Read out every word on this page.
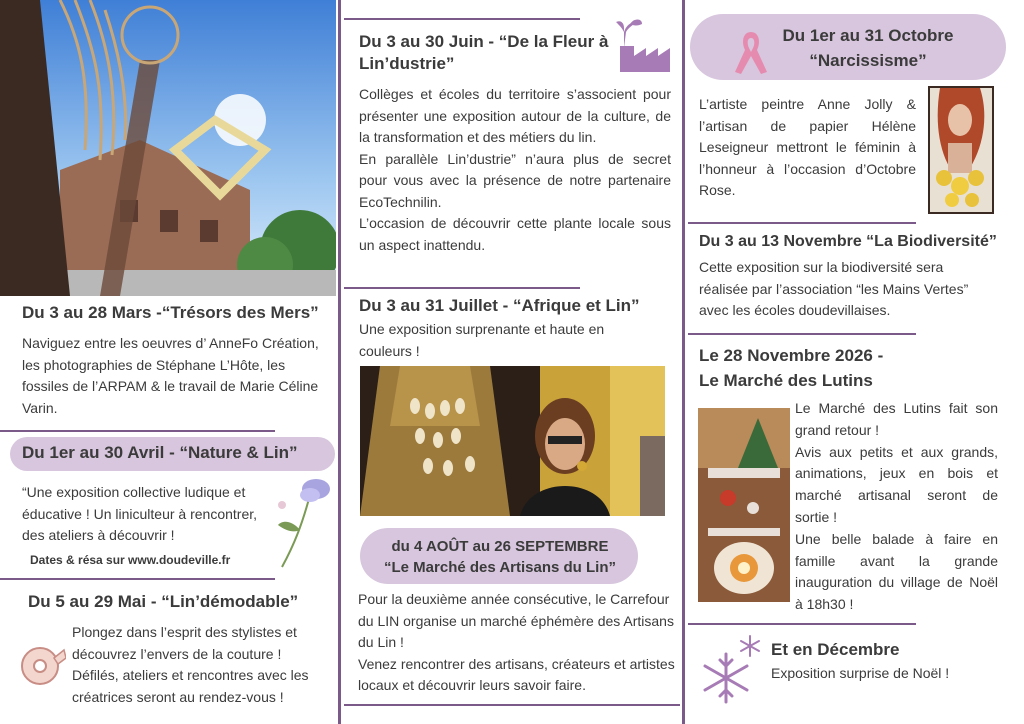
Du 3 au 28 Mars -“Trésors des Mers”
Naviguez entre les oeuvres d’ AnneFo Création, les photographies de Stéphane L’Hôte, les fossiles de l’ARPAM & le travail de Marie Céline Varin.
Du 1er au 30 Avril - “Nature & Lin”
“Une exposition collective ludique et éducative ! Un liniculteur à rencontrer, des ateliers à découvrir !
Dates & résa sur www.doudeville.fr
Du 5 au 29 Mai - “Lin’démodable”
Plongez dans l’esprit des stylistes et découvrez l’envers de la couture ! Défilés, ateliers et rencontres avec les créatrices seront au rendez-vous !
Du 3 au 30 Juin - “De la Fleur à Lin’dustrie”
Collèges et écoles du territoire s’associent pour présenter une exposition autour de la culture, de la transformation et des métiers du lin.
En parallèle Lin’dustrie” n’aura plus de secret pour vous avec la présence de notre partenaire EcoTechnilin.
L’occasion de découvrir cette plante locale sous un aspect inattendu.
Du 3 au 31 Juillet - “Afrique et Lin”
Une exposition surprenante et haute en couleurs !
du 4 AOÛT au 26 SEPTEMBRE
“Le Marché des Artisans du Lin”
Pour la deuxième année consécutive, le Carrefour du LIN organise un marché éphémère des Artisans du Lin !
Venez rencontrer des artisans, créateurs et artistes locaux et découvrir leurs savoir faire.
Du 1er au 31 Octobre
“Narcissisme”
L’artiste peintre Anne Jolly & l’artisan de papier Hélène Leseigneur mettront le féminin à l’honneur à l’occasion d’Octobre Rose.
Du 3 au 13 Novembre “La Biodiversité”
Cette exposition sur la biodiversité sera réalisée par l’association “les Mains Vertes” avec les écoles doudevillaises.
Le 28 Novembre 2026 -
Le Marché des Lutins
Le Marché des Lutins fait son grand retour !
Avis aux petits et aux grands, animations, jeux en bois et marché artisanal seront de sortie !
Une belle balade à faire en famille avant la grande inauguration du village de Noël à 18h30 !
Et en Décembre
Exposition surprise de Noël !
